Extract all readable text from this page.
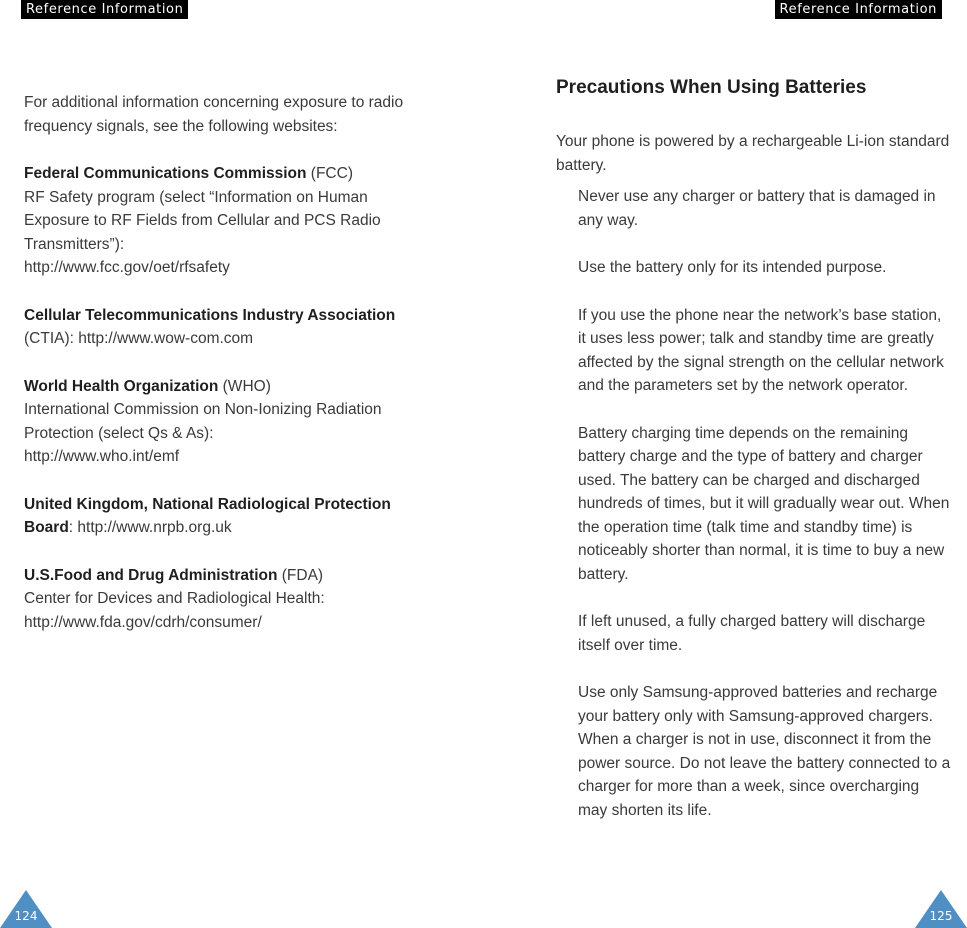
Reference Information	Reference Information

For additional information concerning exposure to radio frequency signals, see the following websites:

Federal Communications Commission (FCC)
RF Safety program (select “Information on Human Exposure to RF Fields from Cellular and PCS Radio Transmitters”):
http://www.fcc.gov/oet/rfsafety

Cellular Telecommunications Industry Association (CTIA): http://www.wow-com.com

World Health Organization (WHO)
International Commission on Non-Ionizing Radiation Protection (select Qs & As):
http://www.who.int/emf

United Kingdom, National Radiological Protection Board: http://www.nrpb.org.uk

U.S.Food and Drug Administration (FDA)
Center for Devices and Radiological Health:
http://www.fda.gov/cdrh/consumer/

Precautions When Using Batteries

Your phone is powered by a rechargeable Li-ion standard battery.

Never use any charger or battery that is damaged in any way.

Use the battery only for its intended purpose.

If you use the phone near the network’s base station, it uses less power; talk and standby time are greatly affected by the signal strength on the cellular network and the parameters set by the network operator.

Battery charging time depends on the remaining battery charge and the type of battery and charger used. The battery can be charged and discharged hundreds of times, but it will gradually wear out. When the operation time (talk time and standby time) is noticeably shorter than normal, it is time to buy a new battery.

If left unused, a fully charged battery will discharge itself over time.

Use only Samsung-approved batteries and recharge your battery only with Samsung-approved chargers. When a charger is not in use, disconnect it from the power source. Do not leave the battery connected to a charger for more than a week, since overcharging may shorten its life.

124	125
